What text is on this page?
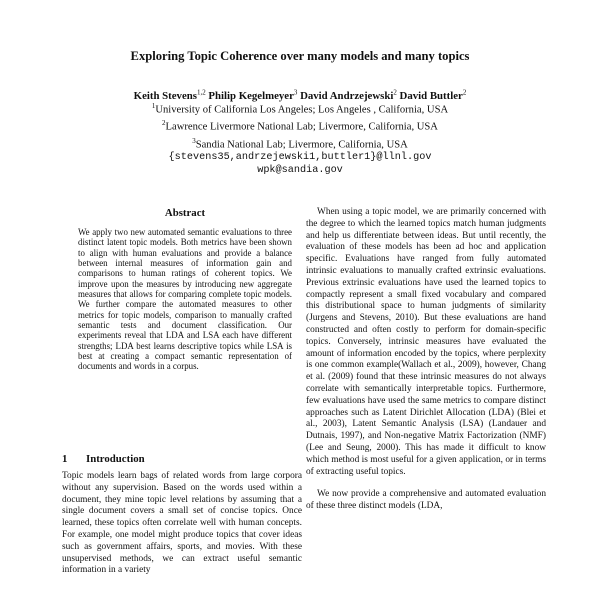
Exploring Topic Coherence over many models and many topics
Keith Stevens$^{1,2}$ Philip Kegelmeyer$^3$ David Andrzejewski$^2$ David Buttler$^2$
$^1$University of California Los Angeles; Los Angeles , California, USA
$^2$Lawrence Livermore National Lab; Livermore, California, USA
$^3$Sandia National Lab; Livermore, California, USA
{stevens35,andrzejewski1,buttler1}@llnl.gov
wpk@sandia.gov
Abstract
We apply two new automated semantic evaluations to three distinct latent topic models. Both metrics have been shown to align with human evaluations and provide a balance between internal measures of information gain and comparisons to human ratings of coherent topics. We improve upon the measures by introducing new aggregate measures that allows for comparing complete topic models. We further compare the automated measures to other metrics for topic models, comparison to manually crafted semantic tests and document classification. Our experiments reveal that LDA and LSA each have different strengths; LDA best learns descriptive topics while LSA is best at creating a compact semantic representation of documents and words in a corpus.
1 Introduction

Topic models learn bags of related words from large corpora without any supervision. Based on the words used within a document, they mine topic level relations by assuming that a single document covers a small set of concise topics. Once learned, these topics often correlate well with human concepts. For example, one model might produce topics that cover ideas such as government affairs, sports, and movies. With these unsupervised methods, we can extract useful semantic information in a variety

When using a topic model, we are primarily concerned with the degree to which the learned topics match human judgments and help us differentiate between ideas. But until recently, the evaluation of these models has been ad hoc and application specific. Evaluations have ranged from fully automated intrinsic evaluations to manually crafted extrinsic evaluations. Previous extrinsic evaluations have used the learned topics to compactly represent a small fixed vocabulary and compared this distributional space to human judgments of similarity (Jurgens and Stevens, 2010). But these evaluations are hand constructed and often costly to perform for domain-specific topics. Conversely, intrinsic measures have evaluated the amount of information encoded by the topics, where perplexity is one common example(Wallach et al., 2009), however, Chang et al. (2009) found that these intrinsic measures do not always correlate with semantically interpretable topics. Furthermore, few evaluations have used the same metrics to compare distinct approaches such as Latent Dirichlet Allocation (LDA) (Blei et al., 2003), Latent Semantic Analysis (LSA) (Landauer and Dutnais, 1997), and Non-negative Matrix Factorization (NMF) (Lee and Seung, 2000). This has made it difficult to know which method is most useful for a given application, or in terms of extracting useful topics.

We now provide a comprehensive and automated evaluation of these three distinct models (LDA,
